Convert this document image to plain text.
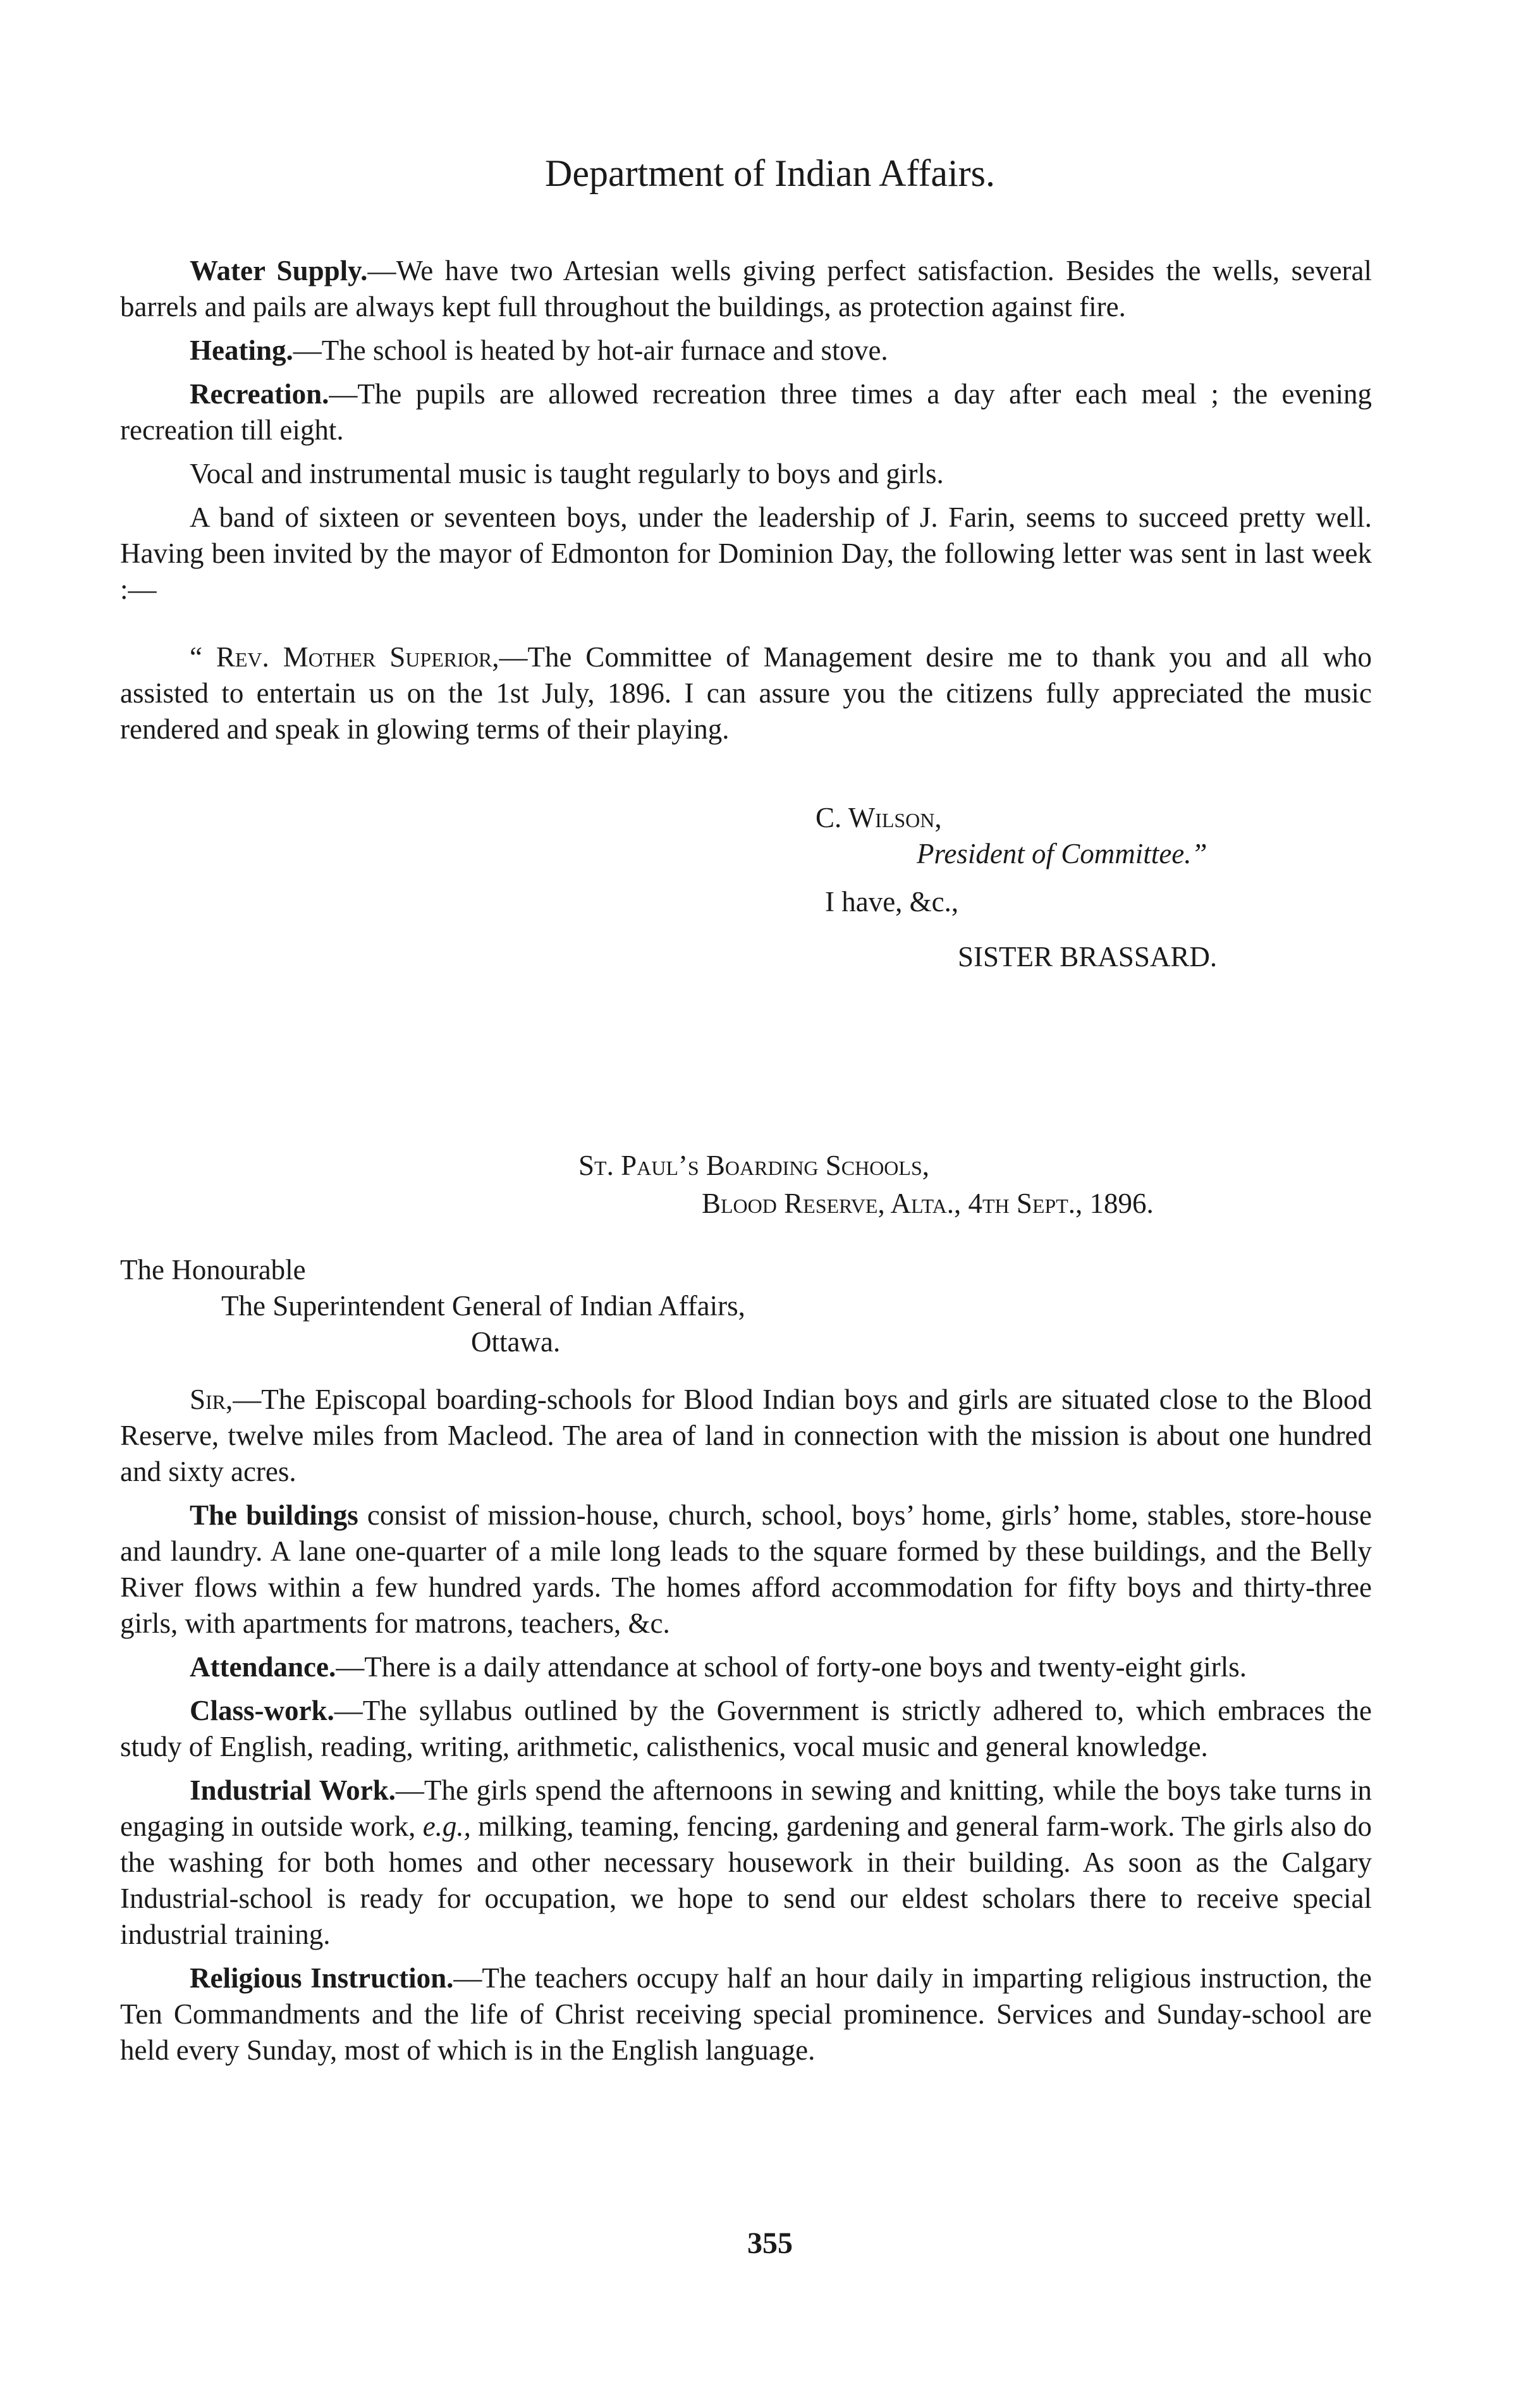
Department of Indian Affairs.

Water Supply.—We have two Artesian wells giving perfect satisfaction. Besides the wells, several barrels and pails are always kept full throughout the buildings, as protection against fire.

Heating.—The school is heated by hot-air furnace and stove.

Recreation.—The pupils are allowed recreation three times a day after each meal ; the evening recreation till eight.

Vocal and instrumental music is taught regularly to boys and girls.

A band of sixteen or seventeen boys, under the leadership of J. Farin, seems to succeed pretty well. Having been invited by the mayor of Edmonton for Dominion Day, the following letter was sent in last week :—

“ Rev. Mother Superior,—The Committee of Management desire me to thank you and all who assisted to entertain us on the 1st July, 1896. I can assure you the citizens fully appreciated the music rendered and speak in glowing terms of their playing.

C. Wilson,
President of Committee.”
I have, &c.,
SISTER BRASSARD.
St. Paul’s Boarding Schools,
Blood Reserve, Alta., 4th Sept., 1896.
The Honourable
The Superintendent General of Indian Affairs,
Ottawa.

Sir,—The Episcopal boarding-schools for Blood Indian boys and girls are situated close to the Blood Reserve, twelve miles from Macleod. The area of land in connection with the mission is about one hundred and sixty acres.

The buildings consist of mission-house, church, school, boys’ home, girls’ home, stables, store-house and laundry. A lane one-quarter of a mile long leads to the square formed by these buildings, and the Belly River flows within a few hundred yards. The homes afford accommodation for fifty boys and thirty-three girls, with apartments for matrons, teachers, &c.

Attendance.—There is a daily attendance at school of forty-one boys and twenty-eight girls.

Class-work.—The syllabus outlined by the Government is strictly adhered to, which embraces the study of English, reading, writing, arithmetic, calisthenics, vocal music and general knowledge.

Industrial Work.—The girls spend the afternoons in sewing and knitting, while the boys take turns in engaging in outside work, e.g., milking, teaming, fencing, gardening and general farm-work. The girls also do the washing for both homes and other necessary housework in their building. As soon as the Calgary Industrial-school is ready for occupation, we hope to send our eldest scholars there to receive special industrial training.

Religious Instruction.—The teachers occupy half an hour daily in imparting religious instruction, the Ten Commandments and the life of Christ receiving special prominence. Services and Sunday-school are held every Sunday, most of which is in the English language.

355
